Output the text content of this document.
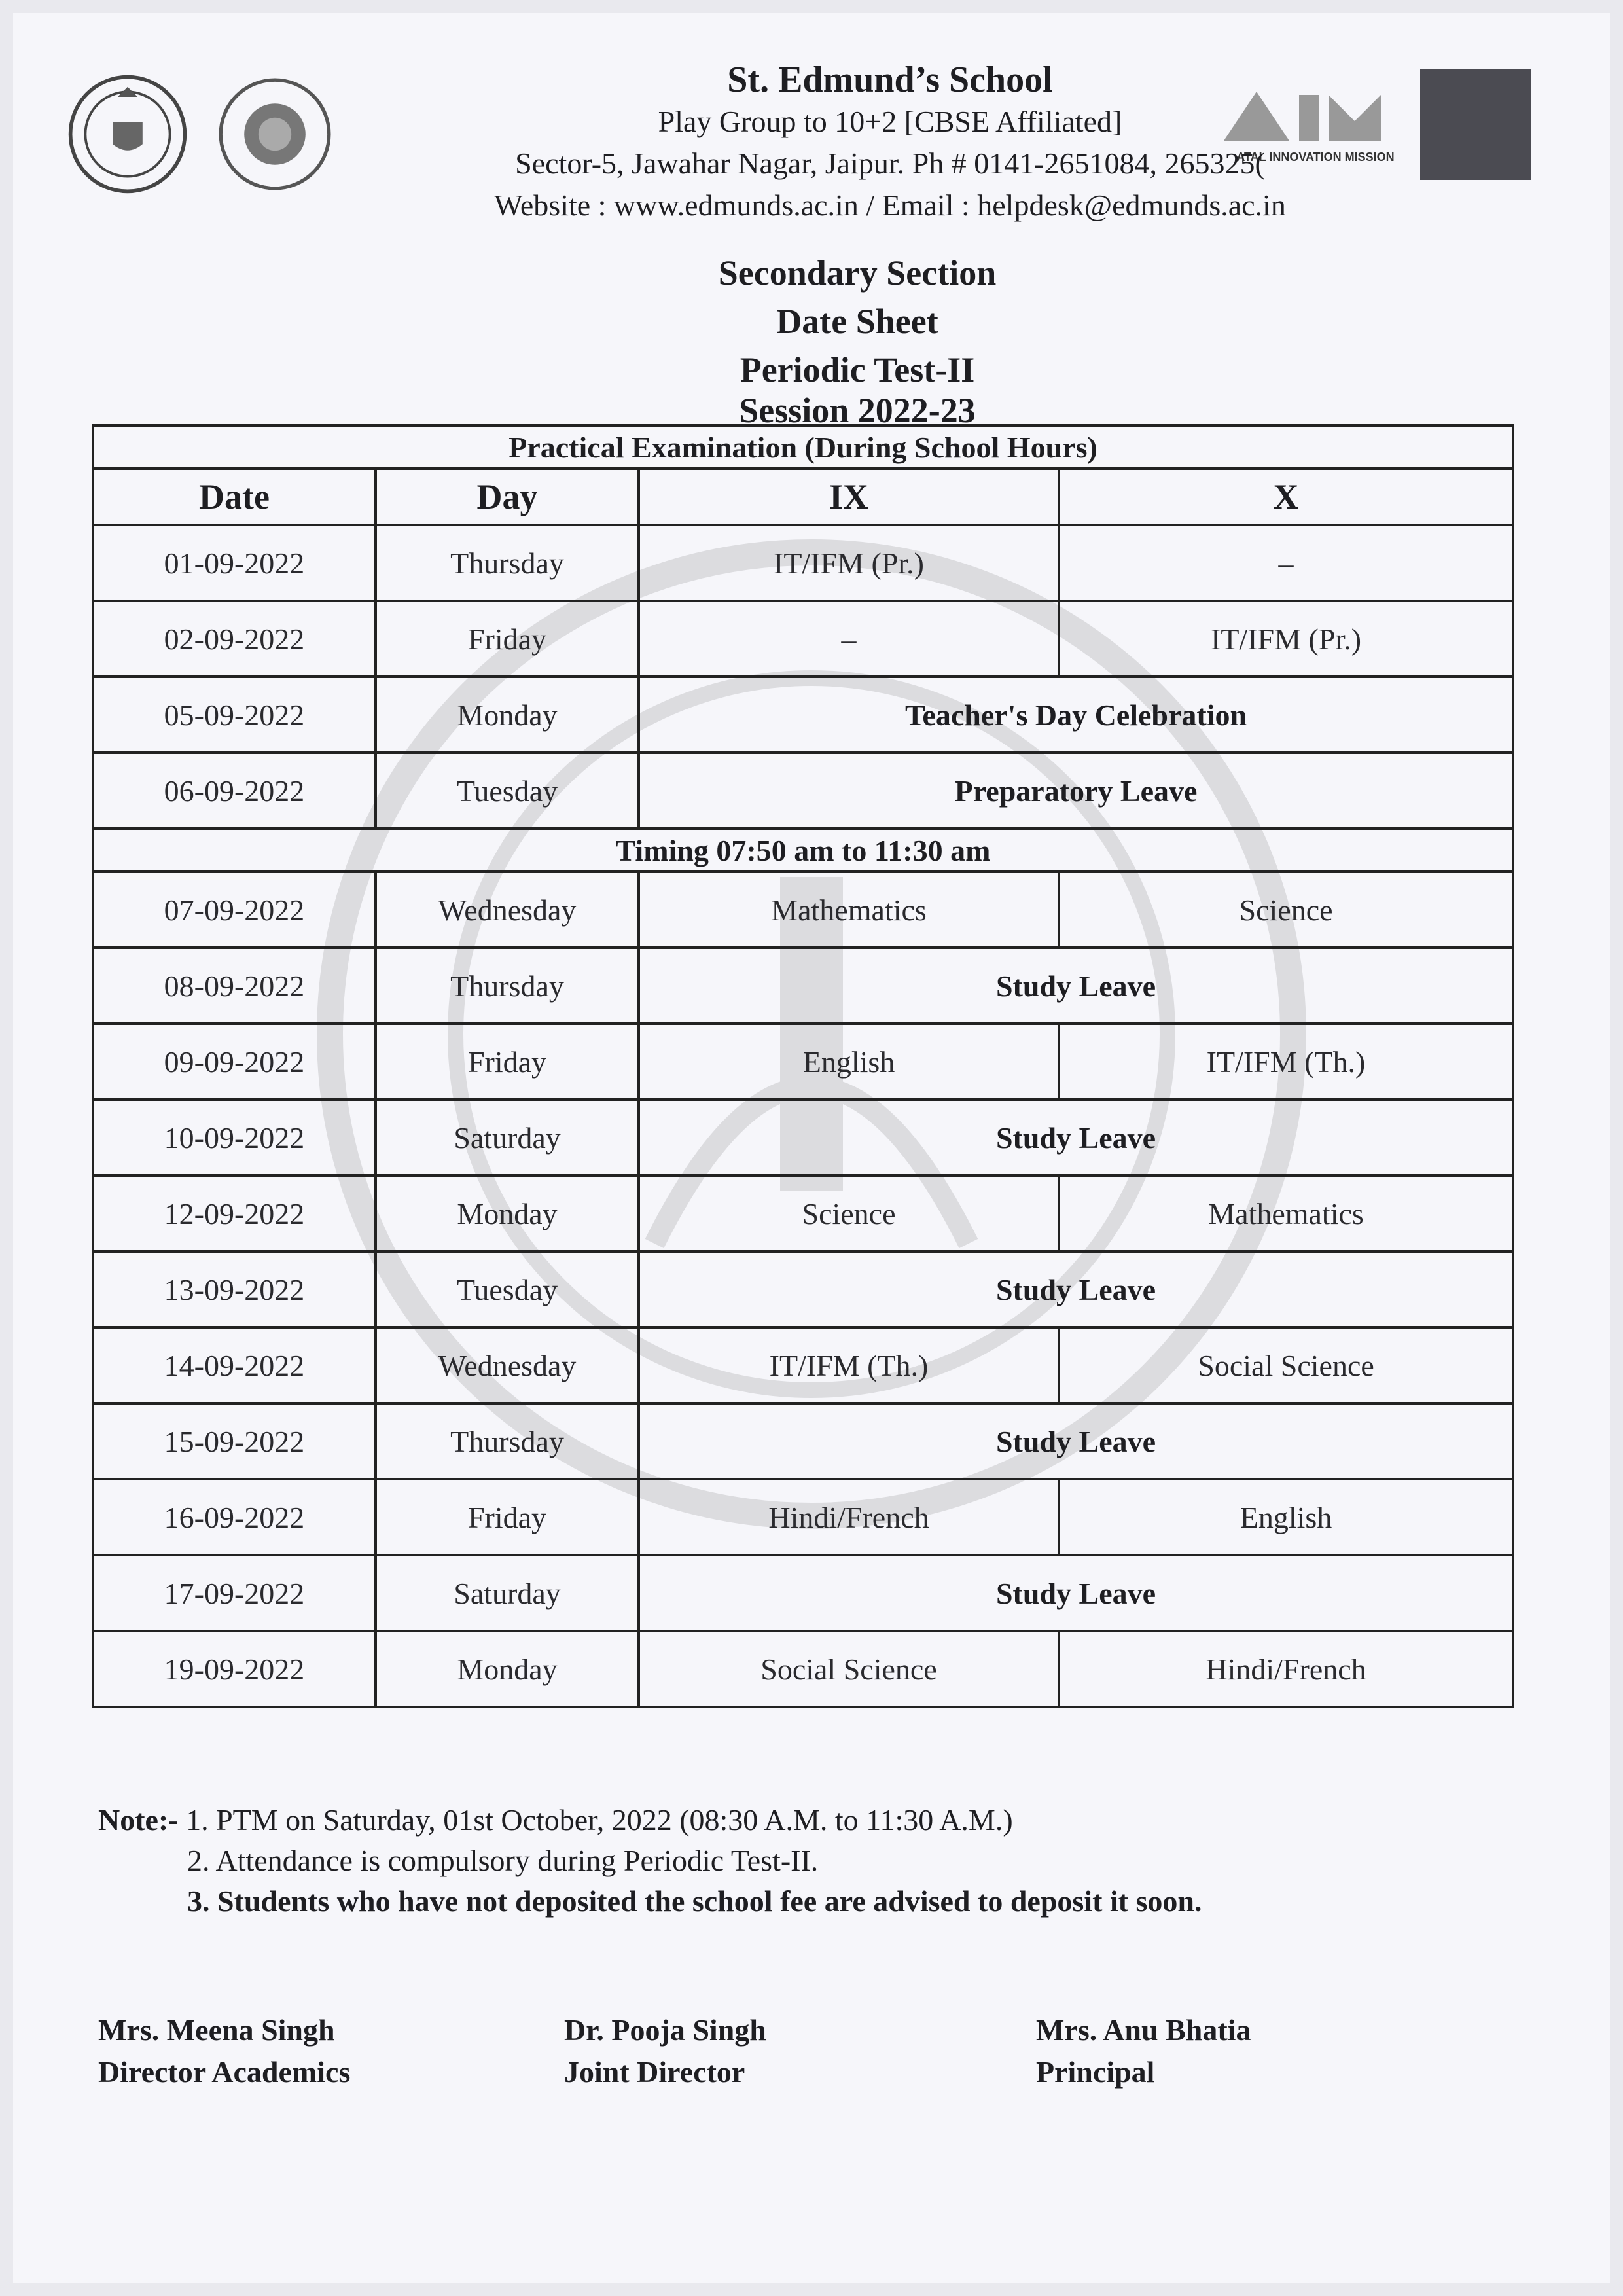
ATAL INNOVATION MISSION
St. Edmund’s School
Play Group to 10+2 [CBSE Affiliated]
Sector-5, Jawahar Nagar, Jaipur. Ph # 0141-2651084, 265325(
Website : www.edmunds.ac.in / Email : helpdesk@edmunds.ac.in
Secondary Section
Date Sheet
Periodic Test-II
Session 2022-23
Practical Examination (During School Hours)			
Date	Day	IX	X
01-09-2022	Thursday	IT/IFM (Pr.)	–
02-09-2022	Friday	–	IT/IFM (Pr.)
05-09-2022	Monday	Teacher's Day Celebration	
06-09-2022	Tuesday	Preparatory Leave	
Timing 07:50 am to 11:30 am			
07-09-2022	Wednesday	Mathematics	Science
08-09-2022	Thursday	Study Leave	
09-09-2022	Friday	English	IT/IFM (Th.)
10-09-2022	Saturday	Study Leave	
12-09-2022	Monday	Science	Mathematics
13-09-2022	Tuesday	Study Leave	
14-09-2022	Wednesday	IT/IFM (Th.)	Social Science
15-09-2022	Thursday	Study Leave	
16-09-2022	Friday	Hindi/French	English
17-09-2022	Saturday	Study Leave	
19-09-2022	Monday	Social Science	Hindi/French
Note:- 1. PTM on Saturday, 01st October, 2022 (08:30 A.M. to 11:30 A.M.)
2. Attendance is compulsory during Periodic Test-II.
3. Students who have not deposited the school fee are advised to deposit it soon.
Mrs. Meena Singh
Director Academics
Dr. Pooja Singh
Joint Director
Mrs. Anu Bhatia
Principal
